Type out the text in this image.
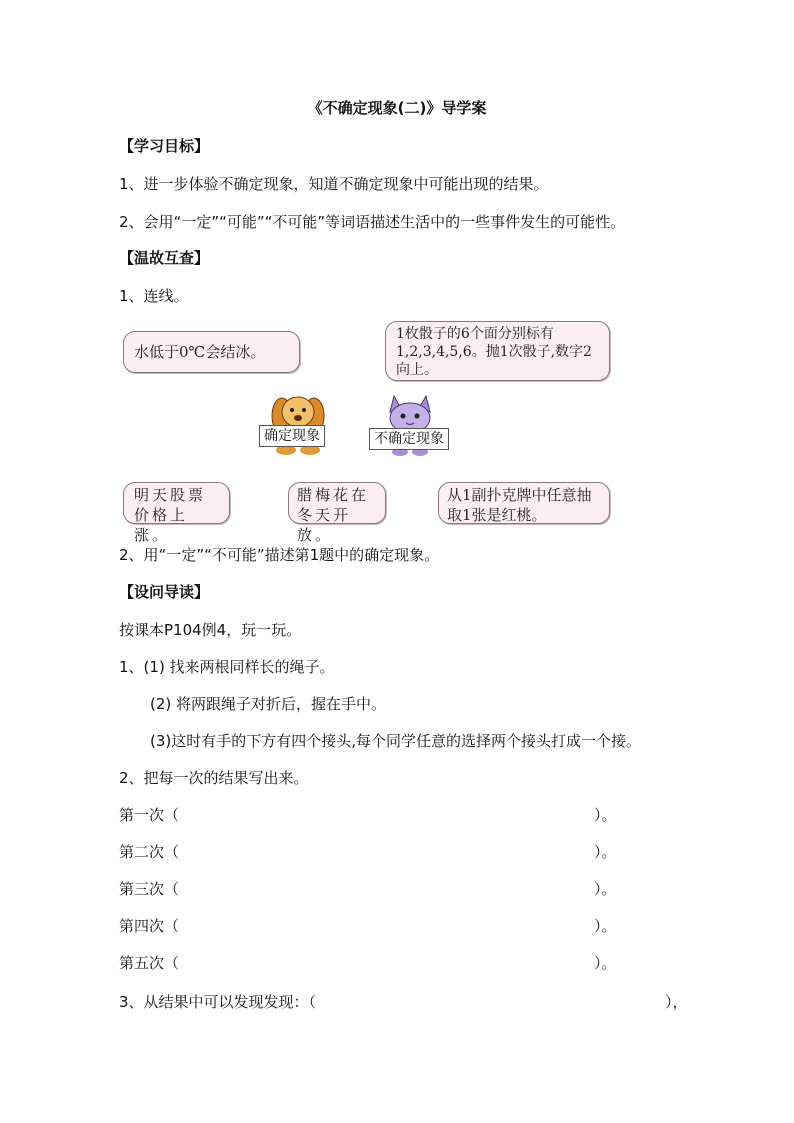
《不确定现象(二)》导学案
【学习目标】
1、进一步体验不确定现象，知道不确定现象中可能出现的结果。
2、会用“一定”“可能”“不可能”等词语描述生活中的一些事件发生的可能性。
【温故互查】
1、连线。
水低于0℃会结冰。
1枚骰子的6个面分别标有1,2,3,4,5,6。抛1次骰子,数字2向上。
确定现象	不确定现象
明天股票价格上涨。
腊梅花在冬天开放。
从1副扑克牌中任意抽取1张是红桃。
2、用“一定”“不可能”描述第1题中的确定现象。
【设问导读】
按课本P104例4，玩一玩。
1、(1) 找来两根同样长的绳子。
(2) 将两跟绳子对折后，握在手中。
(3)这时有手的下方有四个接头,每个同学任意的选择两个接头打成一个接。
2、把每一次的结果写出来。
第一次（	）。
第二次（	）。
第三次（	）。
第四次（	）。
第五次（	）。
3、从结果中可以发现发现：（	），
